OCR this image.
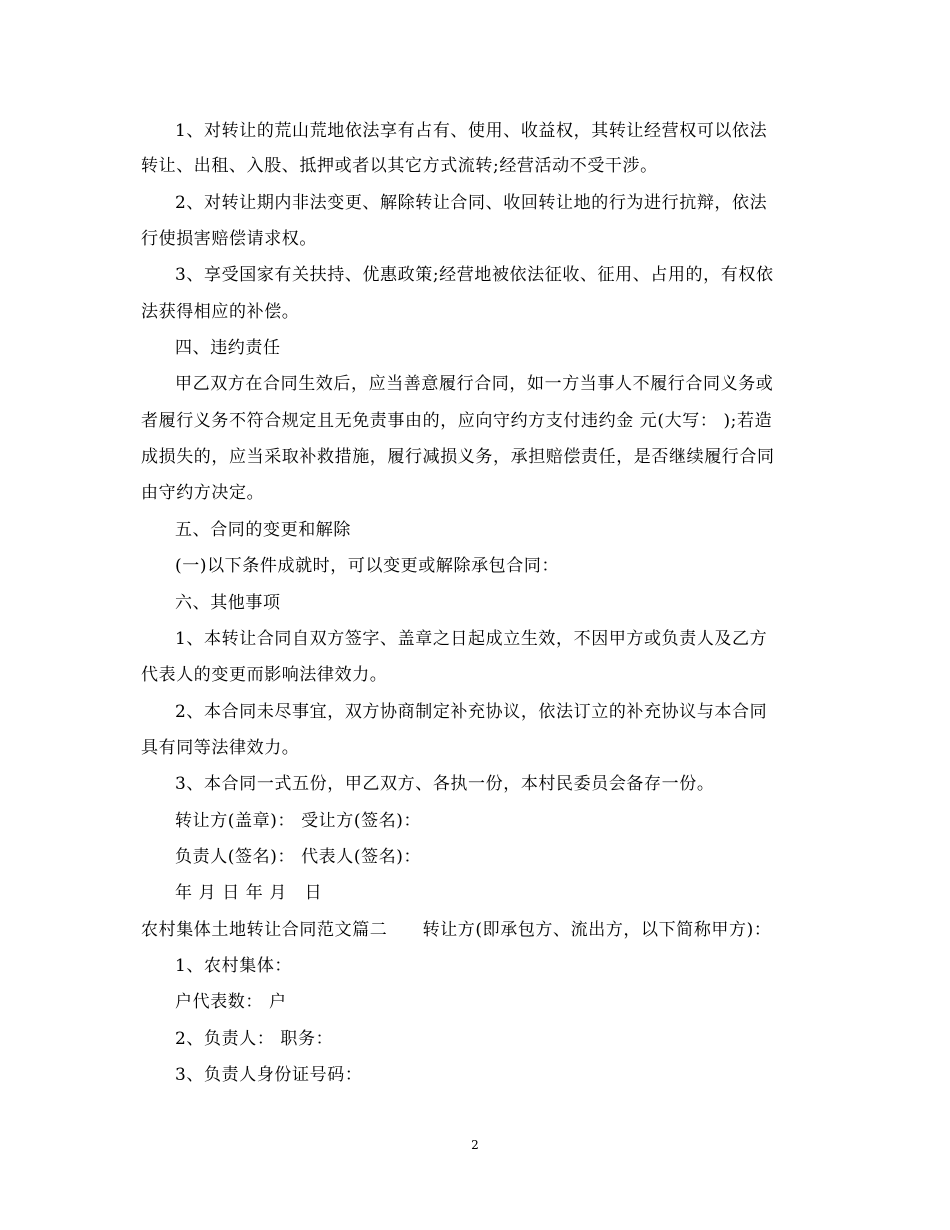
1、对转让的荒山荒地依法享有占有、使用、收益权，其转让经营权可以依法
转让、出租、入股、抵押或者以其它方式流转;经营活动不受干涉。
2、对转让期内非法变更、解除转让合同、收回转让地的行为进行抗辩，依法
行使损害赔偿请求权。
3、享受国家有关扶持、优惠政策;经营地被依法征收、征用、占用的，有权依
法获得相应的补偿。
四、违约责任
甲乙双方在合同生效后，应当善意履行合同，如一方当事人不履行合同义务或
者履行义务不符合规定且无免责事由的，应向守约方支付违约金 元(大写： );若造
成损失的，应当采取补救措施，履行减损义务，承担赔偿责任，是否继续履行合同
由守约方决定。
五、合同的变更和解除
(一)以下条件成就时，可以变更或解除承包合同：
六、其他事项
1、本转让合同自双方签字、盖章之日起成立生效，不因甲方或负责人及乙方
代表人的变更而影响法律效力。
2、本合同未尽事宜，双方协商制定补充协议，依法订立的补充协议与本合同
具有同等法律效力。
3、本合同一式五份，甲乙双方、各执一份，本村民委员会备存一份。
转让方(盖章)： 受让方(签名)：
负责人(签名)： 代表人(签名)：
年 月 日 年 月　日
农村集体土地转让合同范文篇二　　转让方(即承包方、流出方，以下简称甲方)：
1、农村集体：
户代表数： 户
2、负责人： 职务：
3、负责人身份证号码：
2
